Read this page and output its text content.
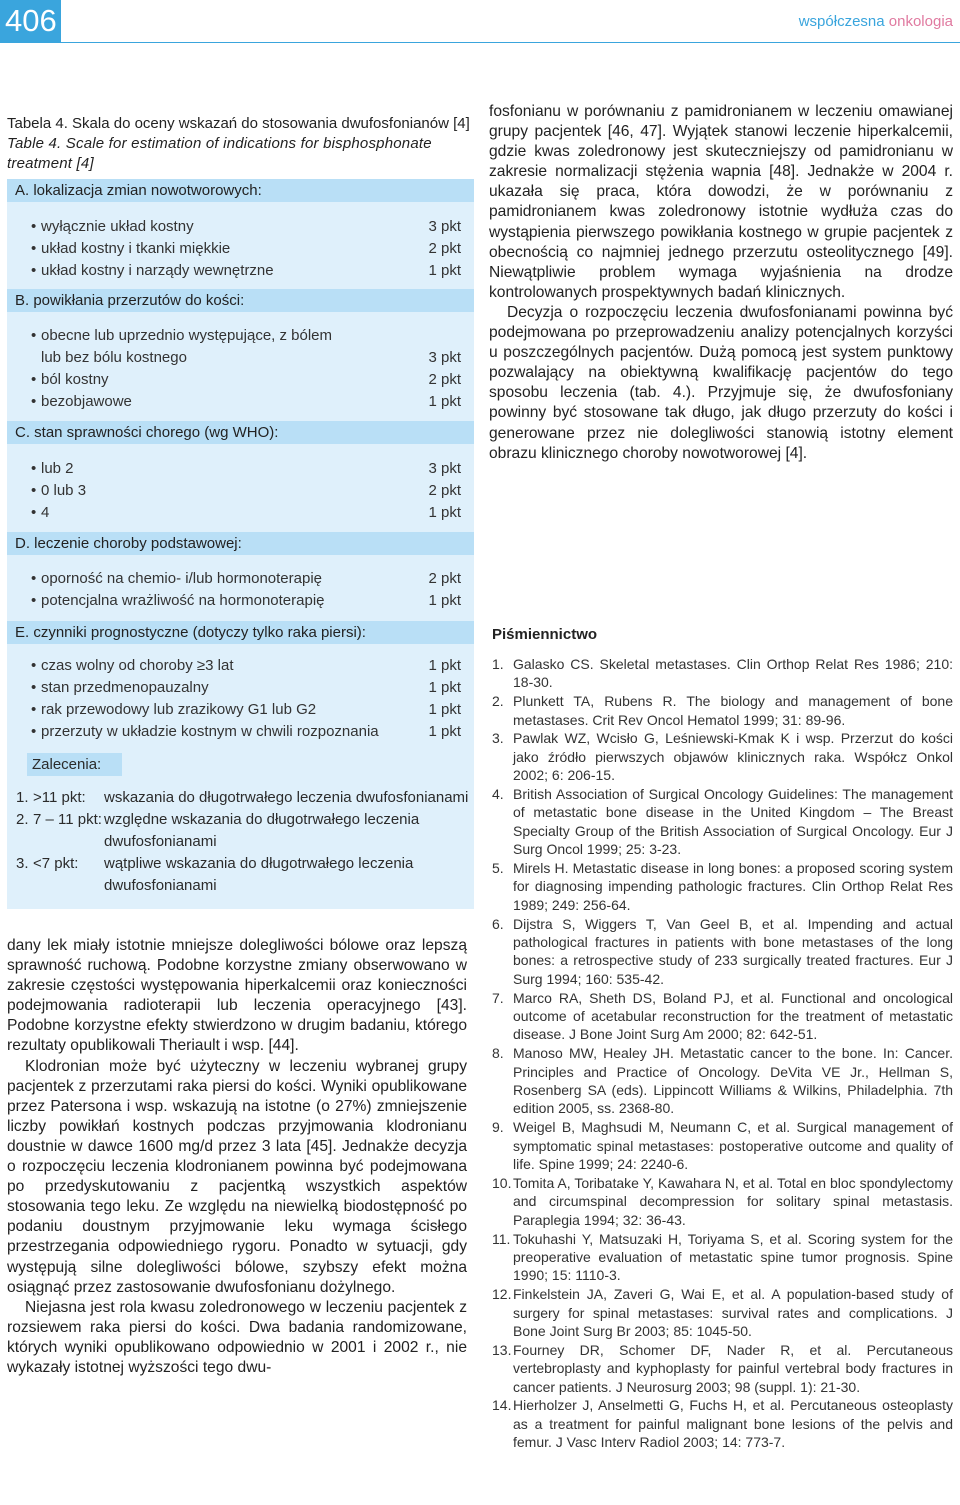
406	współczesna onkologia
Tabela 4. Skala do oceny wskazań do stosowania dwufosfonianów [4]
Table 4. Scale for estimation of indications for bisphosphonate treatment [4]
A. lokalizacja zmian nowotworowych:
• wyłącznie układ kostny	3 pkt
• układ kostny i tkanki miękkie	2 pkt
• układ kostny i narządy wewnętrzne	1 pkt
B. powikłania przerzutów do kości:
• obecne lub uprzednio występujące, z bólem
lub bez bólu kostnego	3 pkt
• ból kostny	2 pkt
• bezobjawowe	1 pkt
C. stan sprawności chorego (wg WHO):
• lub 2	3 pkt
• 0 lub 3	2 pkt
• 4	1 pkt
D. leczenie choroby podstawowej:
• oporność na chemio- i/lub hormonoterapię	2 pkt
• potencjalna wrażliwość na hormonoterapię	1 pkt
E. czynniki prognostyczne (dotyczy tylko raka piersi):
• czas wolny od choroby ≥3 lat	1 pkt
• stan przedmenopauzalny	1 pkt
• rak przewodowy lub zrazikowy G1 lub G2	1 pkt
• przerzuty w układzie kostnym w chwili rozpoznania	1 pkt
Zalecenia:
1. >11 pkt: wskazania do długotrwałego leczenia dwufosfonianami
2. 7 – 11 pkt: względne wskazania do długotrwałego leczenia dwufosfonianami
3. <7 pkt: wątpliwe wskazania do długotrwałego leczenia dwufosfonianami

dany lek miały istotnie mniejsze dolegliwości bólowe oraz lepszą sprawność ruchową. Podobne korzystne zmiany obserwowano w zakresie częstości występowania hiperkalcemii oraz konieczności podejmowania radioterapii lub leczenia operacyjnego [43]. Podobne korzystne efekty stwierdzono w drugim badaniu, którego rezultaty opublikowali Theriault i wsp. [44].

Klodronian może być użyteczny w leczeniu wybranej grupy pacjentek z przerzutami raka piersi do kości. Wyniki opublikowane przez Patersona i wsp. wskazują na istotne (o 27%) zmniejszenie liczby powikłań kostnych podczas przyjmowania klodronianu doustnie w dawce 1600 mg/d przez 3 lata [45]. Jednakże decyzja o rozpoczęciu leczenia klodronianem powinna być podejmowana po przedyskutowaniu z pacjentką wszystkich aspektów stosowania tego leku. Ze względu na niewielką biodostępność po podaniu doustnym przyjmowanie leku wymaga ścisłego przestrzegania odpowiedniego rygoru. Ponadto w sytuacji, gdy występują silne dolegliwości bólowe, szybszy efekt można osiągnąć przez zastosowanie dwufosfonianu dożylnego.

Niejasna jest rola kwasu zoledronowego w leczeniu pacjentek z rozsiewem raka piersi do kości. Dwa badania randomizowane, których wyniki opublikowano odpowiednio w 2001 i 2002 r., nie wykazały istotnej wyższości tego dwu-

fosfonianu w porównaniu z pamidronianem w leczeniu omawianej grupy pacjentek [46, 47]. Wyjątek stanowi leczenie hiperkalcemii, gdzie kwas zoledronowy jest skuteczniejszy od pamidronianu w zakresie normalizacji stężenia wapnia [48]. Jednakże w 2004 r. ukazała się praca, która dowodzi, że w porównaniu z pamidronianem kwas zoledronowy istotnie wydłuża czas do wystąpienia pierwszego powikłania kostnego w grupie pacjentek z obecnością co najmniej jednego przerzutu osteolitycznego [49]. Niewątpliwie problem wymaga wyjaśnienia na drodze kontrolowanych prospektywnych badań klinicznych.

Decyzja o rozpoczęciu leczenia dwufosfonianami powinna być podejmowana po przeprowadzeniu analizy potencjalnych korzyści u poszczególnych pacjentów. Dużą pomocą jest system punktowy pozwalający na obiektywną kwalifikację pacjentów do tego sposobu leczenia (tab. 4.). Przyjmuje się, że dwufosfoniany powinny być stosowane tak długo, jak długo przerzuty do kości i generowane przez nie dolegliwości stanowią istotny element obrazu klinicznego choroby nowotworowej [4].

Piśmiennictwo
1. Galasko CS. Skeletal metastases. Clin Orthop Relat Res 1986; 210: 18-30.
2. Plunkett TA, Rubens R. The biology and management of bone metastases. Crit Rev Oncol Hematol 1999; 31: 89-96.
3. Pawlak WZ, Wcisło G, Leśniewski-Kmak K i wsp. Przerzut do kości jako źródło pierwszych objawów klinicznych raka. Współcz Onkol 2002; 6: 206-15.
4. British Association of Surgical Oncology Guidelines: The management of metastatic bone disease in the United Kingdom – The Breast Specialty Group of the British Association of Surgical Oncology. Eur J Surg Oncol 1999; 25: 3-23.
5. Mirels H. Metastatic disease in long bones: a proposed scoring system for diagnosing impending pathologic fractures. Clin Orthop Relat Res 1989; 249: 256-64.
6. Dijstra S, Wiggers T, Van Geel B, et al. Impending and actual pathological fractures in patients with bone metastases of the long bones: a retrospective study of 233 surgically treated fractures. Eur J Surg 1994; 160: 535-42.
7. Marco RA, Sheth DS, Boland PJ, et al. Functional and oncological outcome of acetabular reconstruction for the treatment of metastatic disease. J Bone Joint Surg Am 2000; 82: 642-51.
8. Manoso MW, Healey JH. Metastatic cancer to the bone. In: Cancer. Principles and Practice of Oncology. DeVita VE Jr., Hellman S, Rosenberg SA (eds). Lippincott Williams & Wilkins, Philadelphia. 7th edition 2005, ss. 2368-80.
9. Weigel B, Maghsudi M, Neumann C, et al. Surgical management of symptomatic spinal metastases: postoperative outcome and quality of life. Spine 1999; 24: 2240-6.
10. Tomita A, Toribatake Y, Kawahara N, et al. Total en bloc spondylectomy and circumspinal decompression for solitary spinal metastasis. Paraplegia 1994; 32: 36-43.
11. Tokuhashi Y, Matsuzaki H, Toriyama S, et al. Scoring system for the preoperative evaluation of metastatic spine tumor prognosis. Spine 1990; 15: 1110-3.
12. Finkelstein JA, Zaveri G, Wai E, et al. A population-based study of surgery for spinal metastases: survival rates and complications. J Bone Joint Surg Br 2003; 85: 1045-50.
13. Fourney DR, Schomer DF, Nader R, et al. Percutaneous vertebroplasty and kyphoplasty for painful vertebral body fractures in cancer patients. J Neurosurg 2003; 98 (suppl. 1): 21-30.
14. Hierholzer J, Anselmetti G, Fuchs H, et al. Percutaneous osteoplasty as a treatment for painful malignant bone lesions of the pelvis and femur. J Vasc Interv Radiol 2003; 14: 773-7.
